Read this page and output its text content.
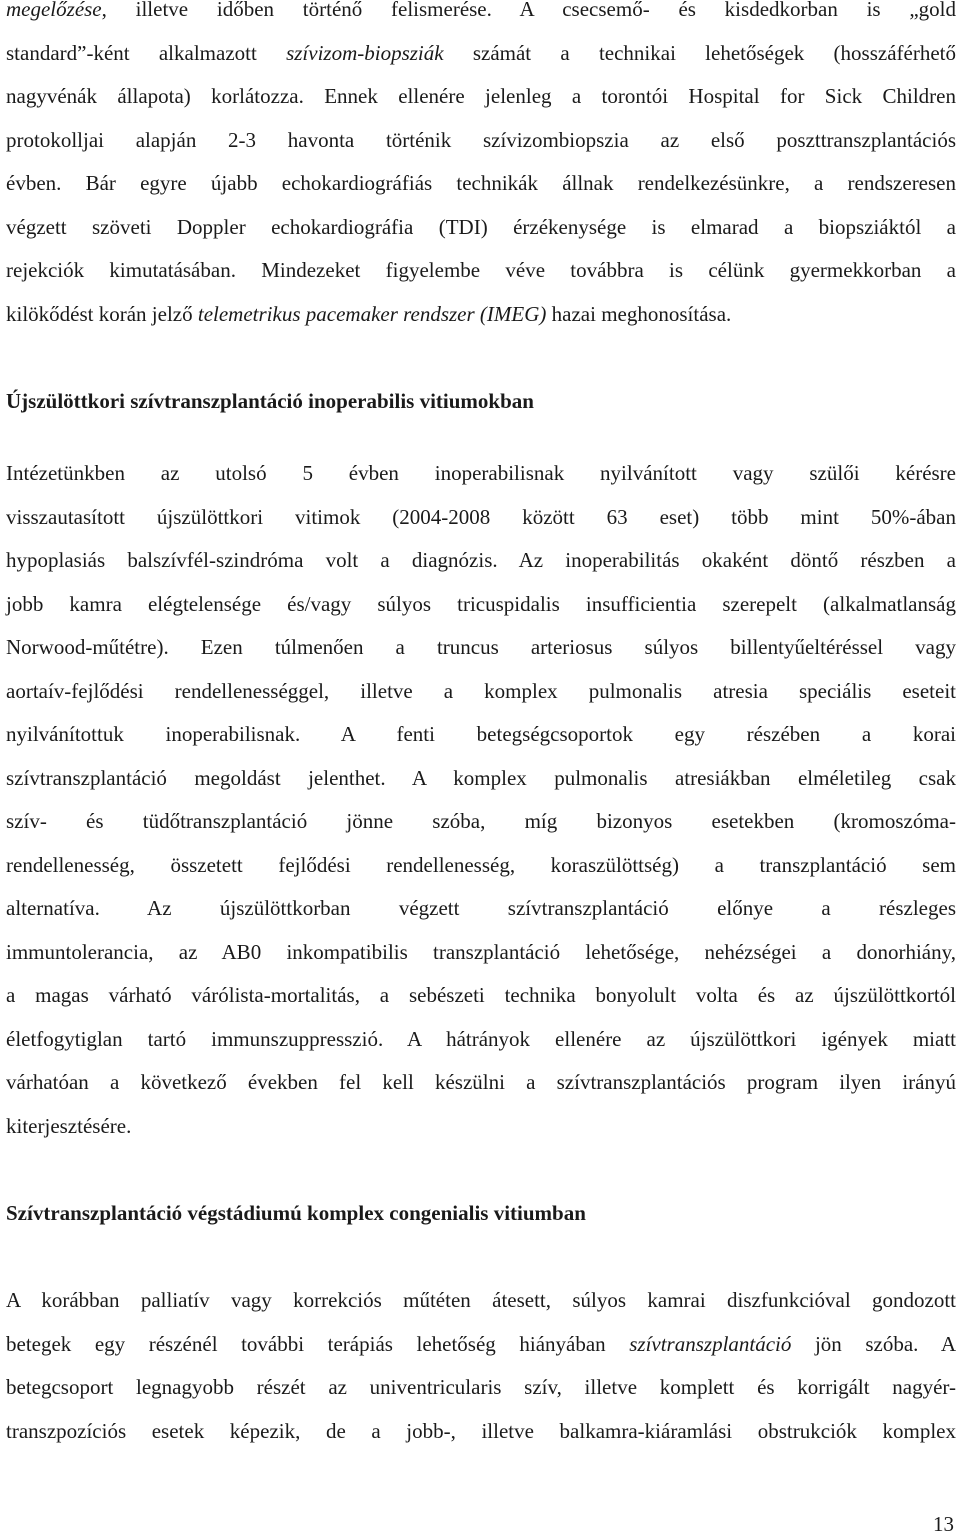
megelőzése, illetve időben történő felismerése. A csecsemő- és kisdedkorban is „gold
standard”-ként alkalmazott szívizom-biopsziák számát a technikai lehetőségek (hosszáférhető
nagyvénák állapota) korlátozza. Ennek ellenére jelenleg a torontói Hospital for Sick Children
protokolljai alapján 2-3 havonta történik szívizombiopszia az első poszttranszplantációs
évben. Bár egyre újabb echokardiográfiás technikák állnak rendelkezésünkre, a rendszeresen
végzett szöveti Doppler echokardiográfia (TDI) érzékenysége is elmarad a biopsziáktól a
rejekciók kimutatásában. Mindezeket figyelembe véve továbbra is célünk gyermekkorban a
kilökődést korán jelző telemetrikus pacemaker rendszer (IMEG) hazai meghonosítása.
Újszülöttkori szívtranszplantáció inoperabilis vitiumokban
Intézetünkben az utolsó 5 évben inoperabilisnak nyilvánított vagy szülői kérésre
visszautasított újszülöttkori vitimok (2004-2008 között 63 eset) több mint 50%-ában
hypoplasiás balszívfél-szindróma volt a diagnózis. Az inoperabilitás okaként döntő részben a
jobb kamra elégtelensége és/vagy súlyos tricuspidalis insufficientia szerepelt (alkalmatlanság
Norwood-műtétre). Ezen túlmenően a truncus arteriosus súlyos billentyűeltéréssel vagy
aortaív-fejlődési rendellenességgel, illetve a komplex pulmonalis atresia speciális eseteit
nyilvánítottuk inoperabilisnak. A fenti betegségcsoportok egy részében a korai
szívtranszplantáció megoldást jelenthet. A komplex pulmonalis atresiákban elméletileg csak
szív- és tüdőtranszplantáció jönne szóba, míg bizonyos esetekben (kromoszóma-
rendellenesség, összetett fejlődési rendellenesség, koraszülöttség) a transzplantáció sem
alternatíva. Az újszülöttkorban végzett szívtranszplantáció előnye a részleges
immuntolerancia, az AB0 inkompatibilis transzplantáció lehetősége, nehézségei a donorhiány,
a magas várható várólista-mortalitás, a sebészeti technika bonyolult volta és az újszülöttkortól
életfogytiglan tartó immunszuppresszió. A hátrányok ellenére az újszülöttkori igények miatt
várhatóan a következő években fel kell készülni a szívtranszplantációs program ilyen irányú
kiterjesztésére.
Szívtranszplantáció végstádiumú komplex congenialis vitiumban
A korábban palliatív vagy korrekciós műtéten átesett, súlyos kamrai diszfunkcióval gondozott
betegek egy részénél további terápiás lehetőség hiányában szívtranszplantáció jön szóba. A
betegcsoport legnagyobb részét az univentricularis szív, illetve komplett és korrigált nagyér-
transzpozíciós esetek képezik, de a jobb-, illetve balkamra-kiáramlási obstrukciók komplex
13
